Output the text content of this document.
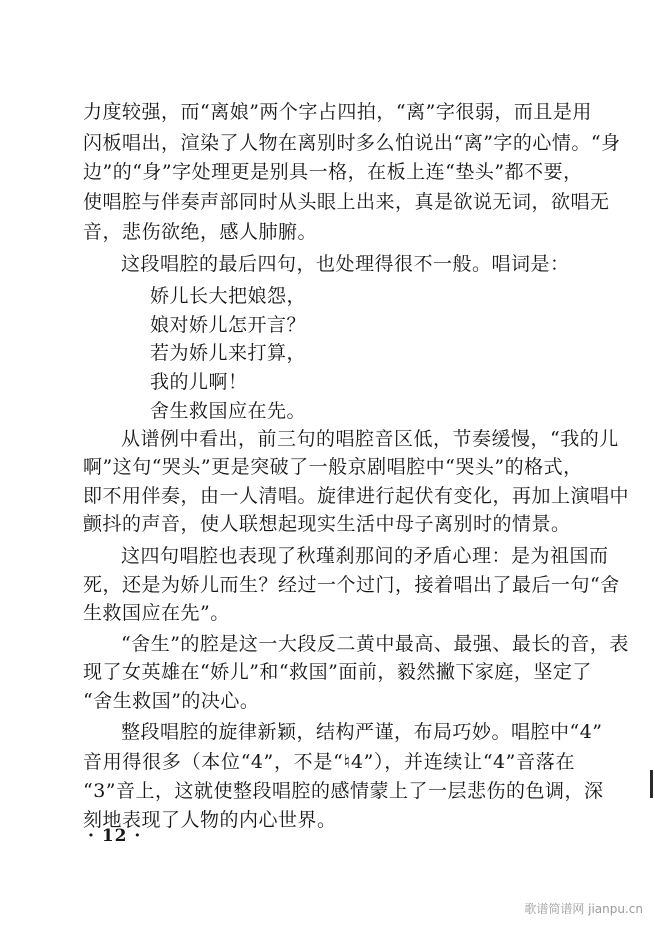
力度较强，而“离娘”两个字占四拍，“离”字很弱，而且是用
闪板唱出，渲染了人物在离别时多么怕说出“离”字的心情。“身
边”的“身”字处理更是别具一格，在板上连“垫头”都不要，
使唱腔与伴奏声部同时从头眼上出来，真是欲说无词，欲唱无
音，悲伤欲绝，感人肺腑。
这段唱腔的最后四句，也处理得很不一般。唱词是：
娇儿长大把娘怨，
娘对娇儿怎开言？
若为娇儿来打算，
我的儿啊！
舍生救国应在先。
从谱例中看出，前三句的唱腔音区低，节奏缓慢，“我的儿
啊”这句“哭头”更是突破了一般京剧唱腔中“哭头”的格式，
即不用伴奏，由一人清唱。旋律进行起伏有变化，再加上演唱中
颤抖的声音，使人联想起现实生活中母子离别时的情景。
这四句唱腔也表现了秋瑾刹那间的矛盾心理：是为祖国而
死，还是为娇儿而生？经过一个过门，接着唱出了最后一句“舍
生救国应在先”。
“舍生”的腔是这一大段反二黄中最高、最强、最长的音，表
现了女英雄在“娇儿”和“救国”面前，毅然撇下家庭，坚定了
“舍生救国”的决心。
整段唱腔的旋律新颖，结构严谨，布局巧妙。唱腔中“4”
音用得很多（本位“4”，不是“♮4”），并连续让“4”音落在
“3”音上，这就使整段唱腔的感情蒙上了一层悲伤的色调，深
刻地表现了人物的内心世界。
· 12 ·
歌谱简谱网 jianpu.cn
